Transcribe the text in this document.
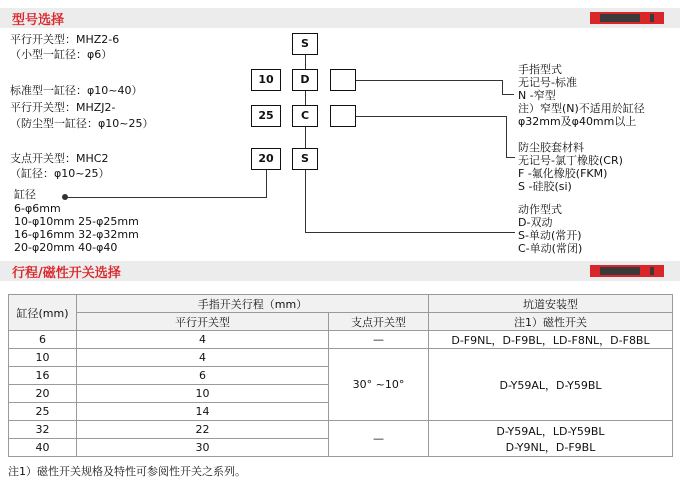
型号选择
平行开关型：MHZ2-6
（小型一缸径：φ6）
标准型一缸径：φ10~40）
平行开关型：MHZJ2-
（防尘型一缸径：φ10~25）
支点开关型：MHC2
（缸径：φ10~25）
缸径
6-φ6mm
10-φ10mm 25-φ25mm
16-φ16mm 32-φ32mm
20-φ20mm 40-φ40
S
10	D
25	C
20	S
手指型式
无记号-标准
N -窄型
注）窄型(N)不适用於缸径
φ32mm及φ40mm以上
防尘胶套材料
无记号-氯丁橡胶(CR)
F -氟化橡胶(FKM)
S -硅胶(si)
动作型式
D-双动
S-单动(常开)
C-单动(常闭)
行程/磁性开关选择
缸径(mm)	手指开关行程（mm）		坑道安装型
	平行开关型	支点开关型	注1）磁性开关
6	4	—	D-F9NL，D-F9BL，LD-F8NL，D-F8BL
10	4	30° ~10°	D-Y59AL，D-Y59BL
16	6		
20	10		
25	14		
32	22	—	D-Y59AL，LD-Y59BL
D-Y9NL，D-F9BL

40	30		
注1）磁性开关规格及特性可参阅性开关之系列。
